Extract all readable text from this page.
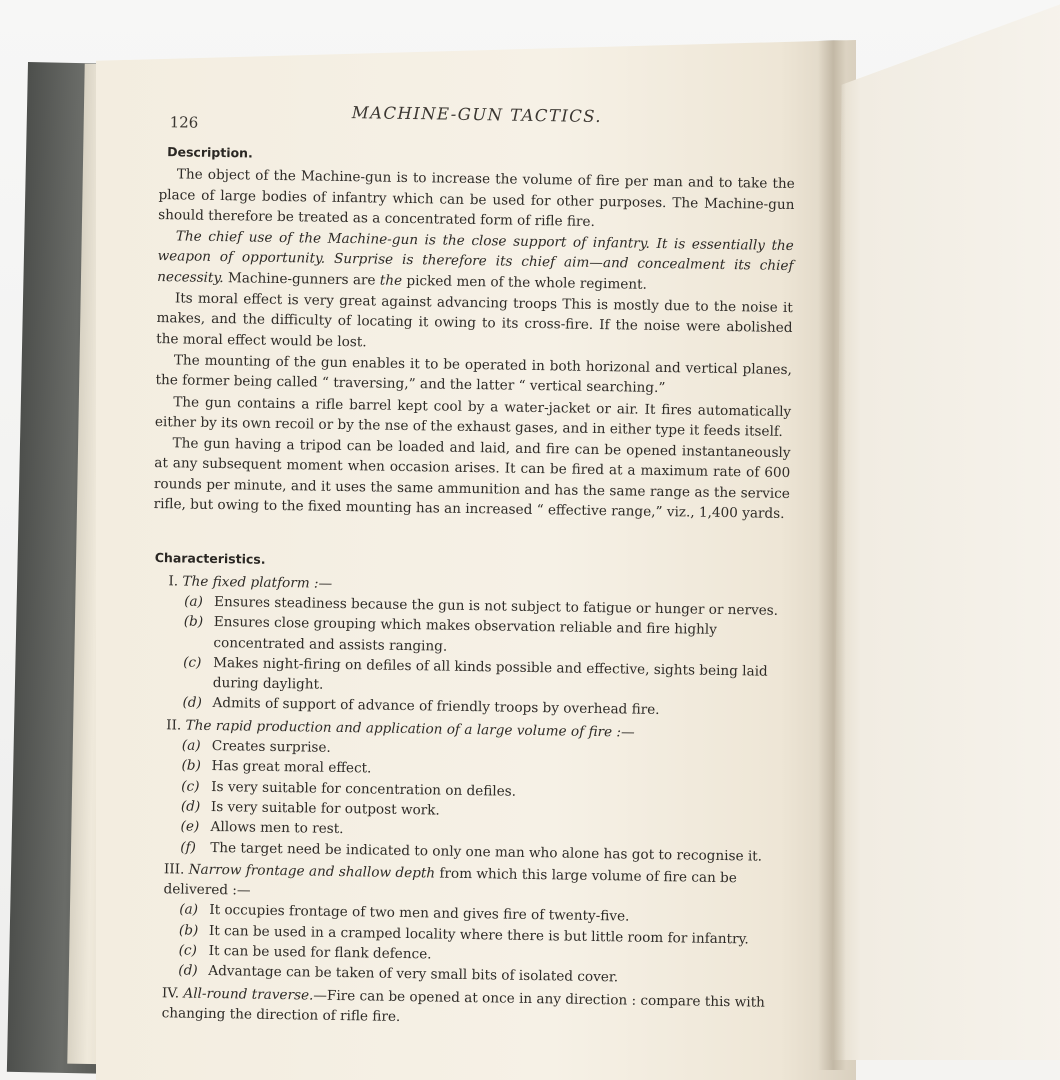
126	MACHINE-GUN TACTICS.
Description.

The object of the Machine-gun is to increase the volume of fire per man and to take the place of large bodies of infantry which can be used for other purposes. The Machine-gun should therefore be treated as a concentrated form of rifle fire.

The chief use of the Machine-gun is the close support of infantry. It is essentially the weapon of opportunity. Surprise is therefore its chief aim—and concealment its chief necessity. Machine-gunners are the picked men of the whole regiment.

Its moral effect is very great against advancing troops This is mostly due to the noise it makes, and the difficulty of locating it owing to its cross-fire. If the noise were abolished the moral effect would be lost.

The mounting of the gun enables it to be operated in both horizonal and vertical planes, the former being called “ traversing,” and the latter “ vertical searching.”

The gun contains a rifle barrel kept cool by a water-jacket or air. It fires automatically either by its own recoil or by the nse of the exhaust gases, and in either type it feeds itself.

The gun having a tripod can be loaded and laid, and fire can be opened instantaneously at any subsequent moment when occasion arises. It can be fired at a maximum rate of 600 rounds per minute, and it uses the same ammunition and has the same range as the service rifle, but owing to the fixed mounting has an increased “ effective range,” viz., 1,400 yards.

Characteristics.
I. The fixed platform :—
(a) Ensures steadiness because the gun is not subject to fatigue or hunger or nerves.
(b) Ensures close grouping which makes observation reliable and fire highly concentrated and assists ranging.
(c) Makes night-firing on defiles of all kinds possible and effective, sights being laid during daylight.
(d) Admits of support of advance of friendly troops by overhead fire.
II. The rapid production and application of a large volume of fire :—
(a) Creates surprise.
(b) Has great moral effect.
(c) Is very suitable for concentration on defiles.
(d) Is very suitable for outpost work.
(e) Allows men to rest.
(f) The target need be indicated to only one man who alone has got to recognise it.
III. Narrow frontage and shallow depth from which this large volume of fire can be delivered :—
(a) It occupies frontage of two men and gives fire of twenty-five.
(b) It can be used in a cramped locality where there is but little room for infantry.
(c) It can be used for flank defence.
(d) Advantage can be taken of very small bits of isolated cover.
IV. All-round traverse.—Fire can be opened at once in any direction : compare this with changing the direction of rifle fire.
